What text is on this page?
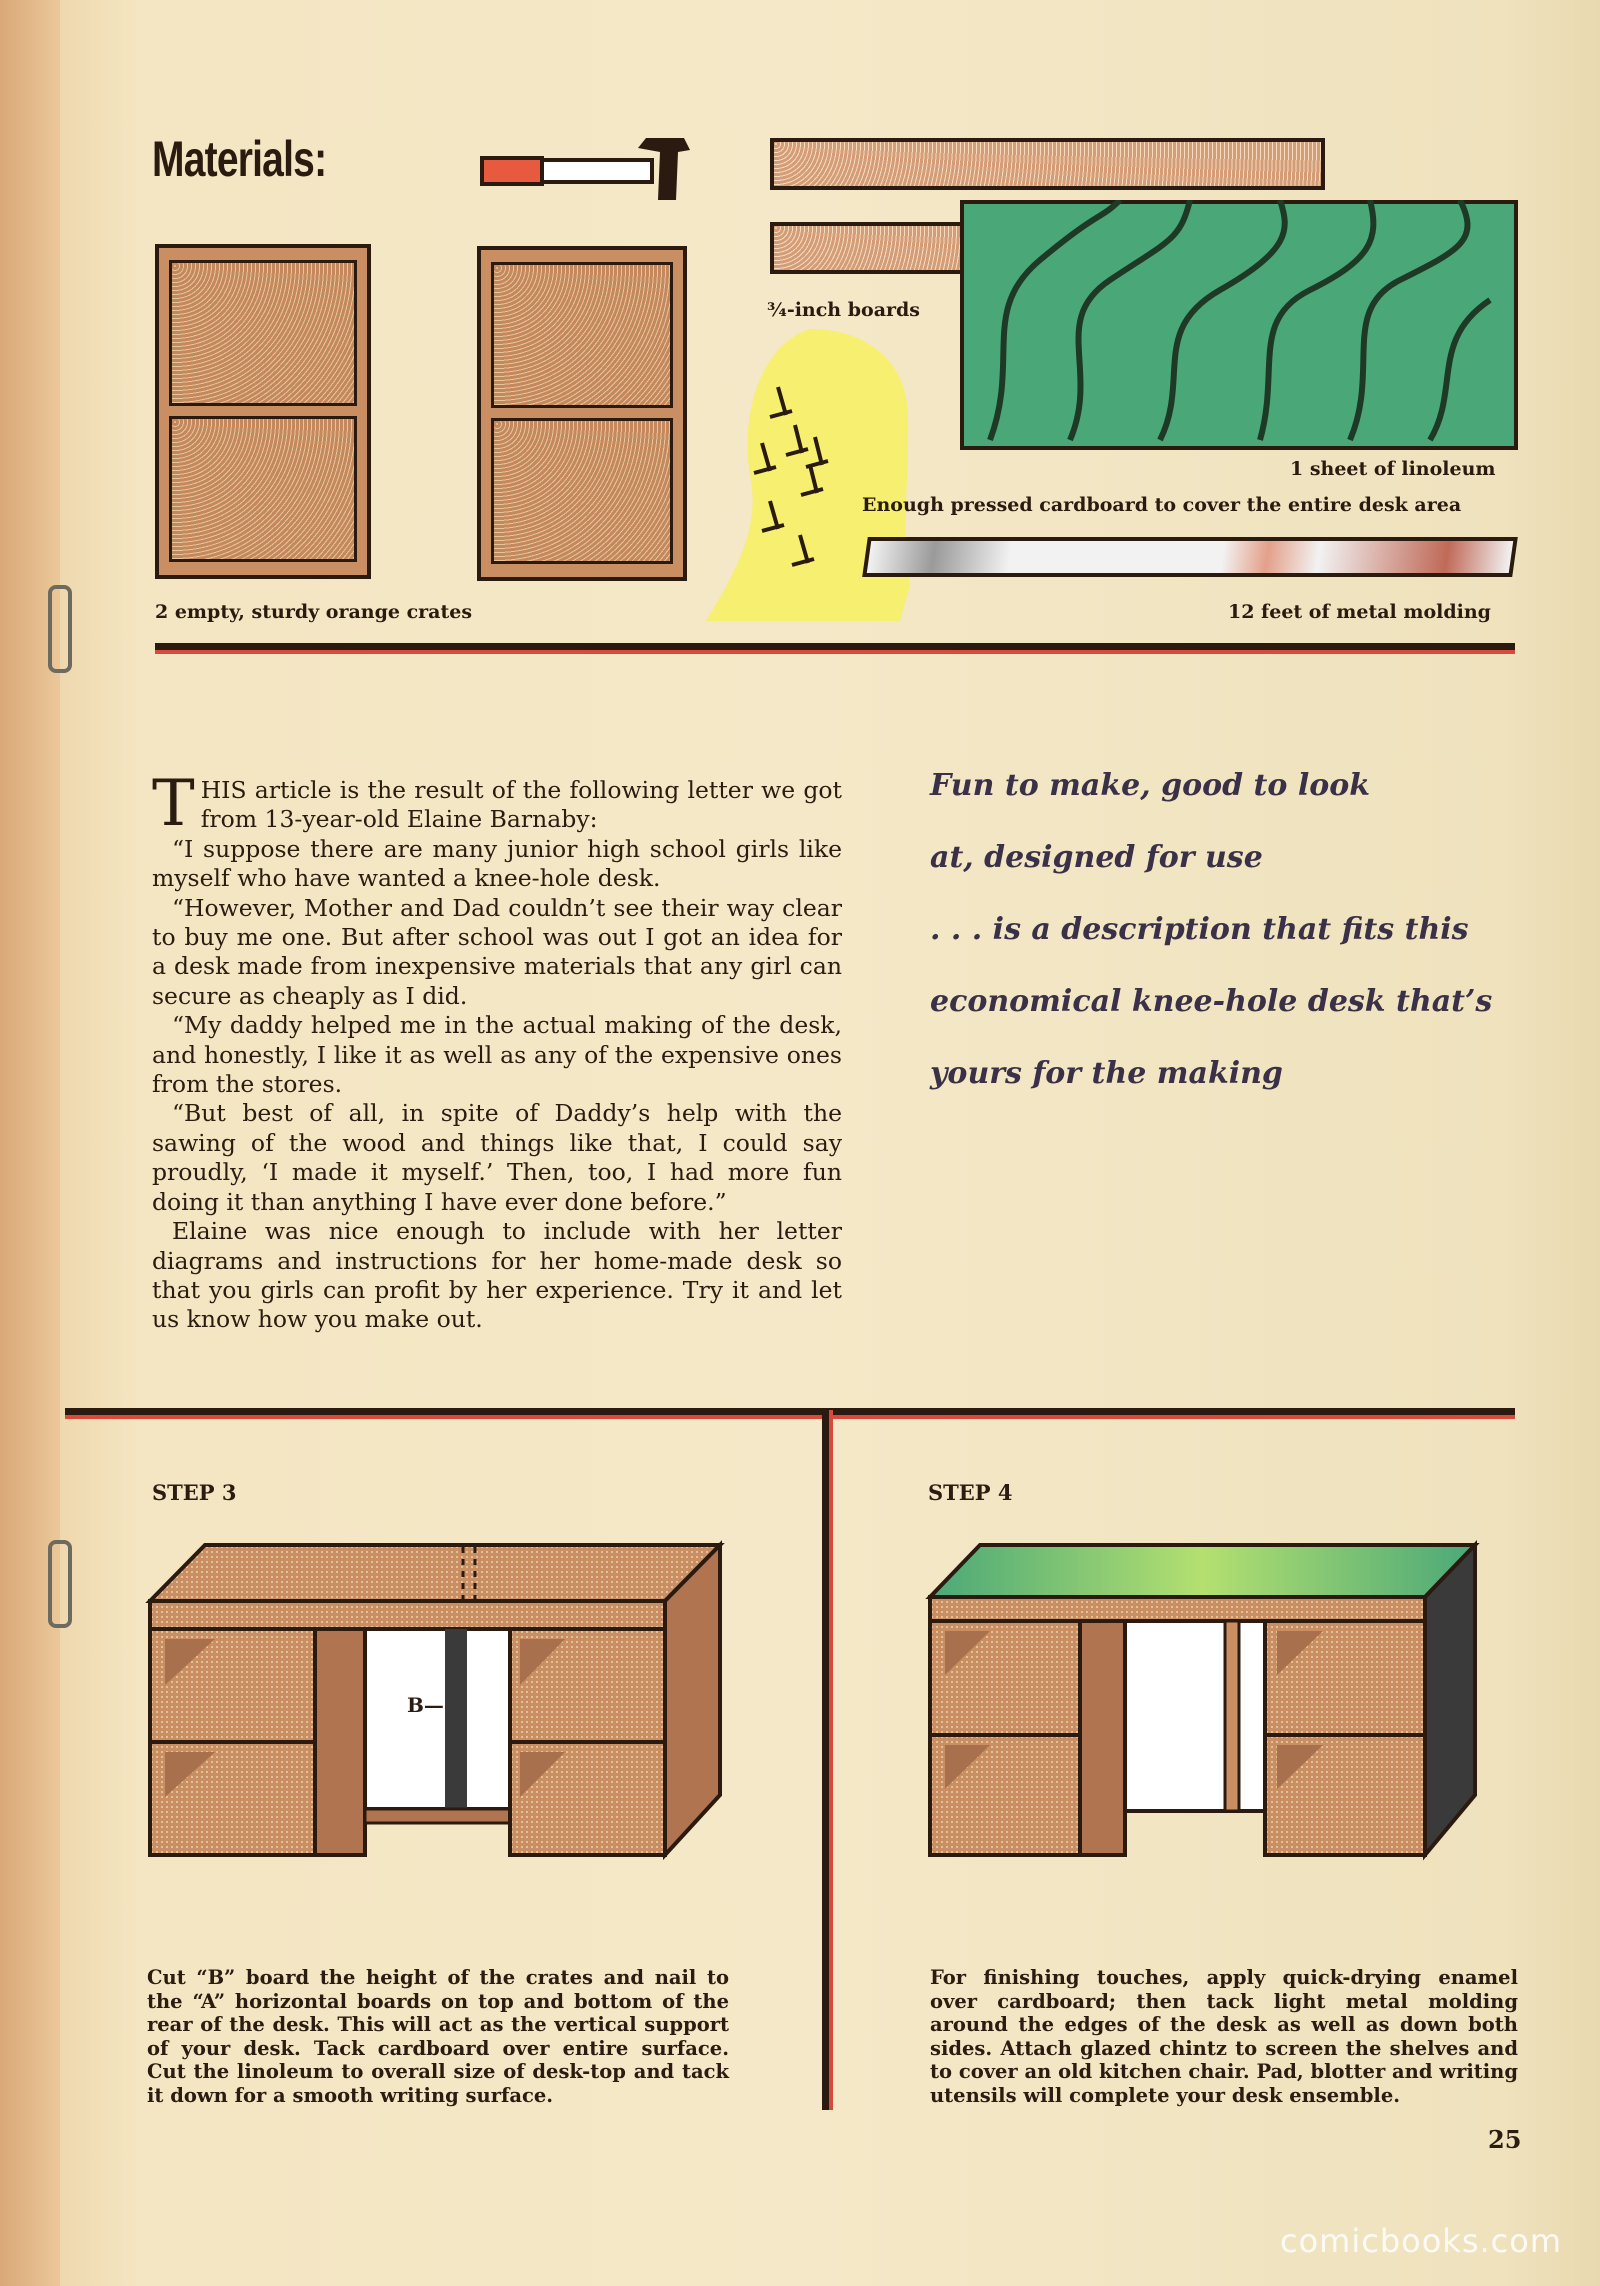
Materials:
¾-inch boards
1 sheet of linoleum
Enough pressed cardboard to cover the entire desk area
2 empty, sturdy orange crates	12 feet of metal molding

THIS article is the result of the following letter we got from 13-year-old Elaine Barnaby:

“I suppose there are many junior high school girls like myself who have wanted a knee-hole desk.

“However, Mother and Dad couldn’t see their way clear to buy me one. But after school was out I got an idea for a desk made from inexpensive materials that any girl can secure as cheaply as I did.

“My daddy helped me in the actual making of the desk, and honestly, I like it as well as any of the expensive ones from the stores.

“But best of all, in spite of Daddy’s help with the sawing of the wood and things like that, I could say proudly, ‘I made it myself.’ Then, too, I had more fun doing it than anything I have ever done before.”

Elaine was nice enough to include with her letter diagrams and instructions for her home-made desk so that you girls can profit by her experience. Try it and let us know how you make out.

Fun to make, good to look
at, designed for use
. . . is a description that fits this
economical knee-hole desk that’s
yours for the making
STEP 3
B—
Cut “B” board the height of the crates and nail to the “A” horizontal boards on top and bottom of the rear of the desk. This will act as the vertical support of your desk. Tack cardboard over entire surface. Cut the linoleum to overall size of desk-top and tack it down for a smooth writing surface.
STEP 4
For finishing touches, apply quick-drying enamel over cardboard; then tack light metal molding around the edges of the desk as well as down both sides. Attach glazed chintz to screen the shelves and to cover an old kitchen chair. Pad, blotter and writing utensils will complete your desk ensemble.
25
comicbooks.com
